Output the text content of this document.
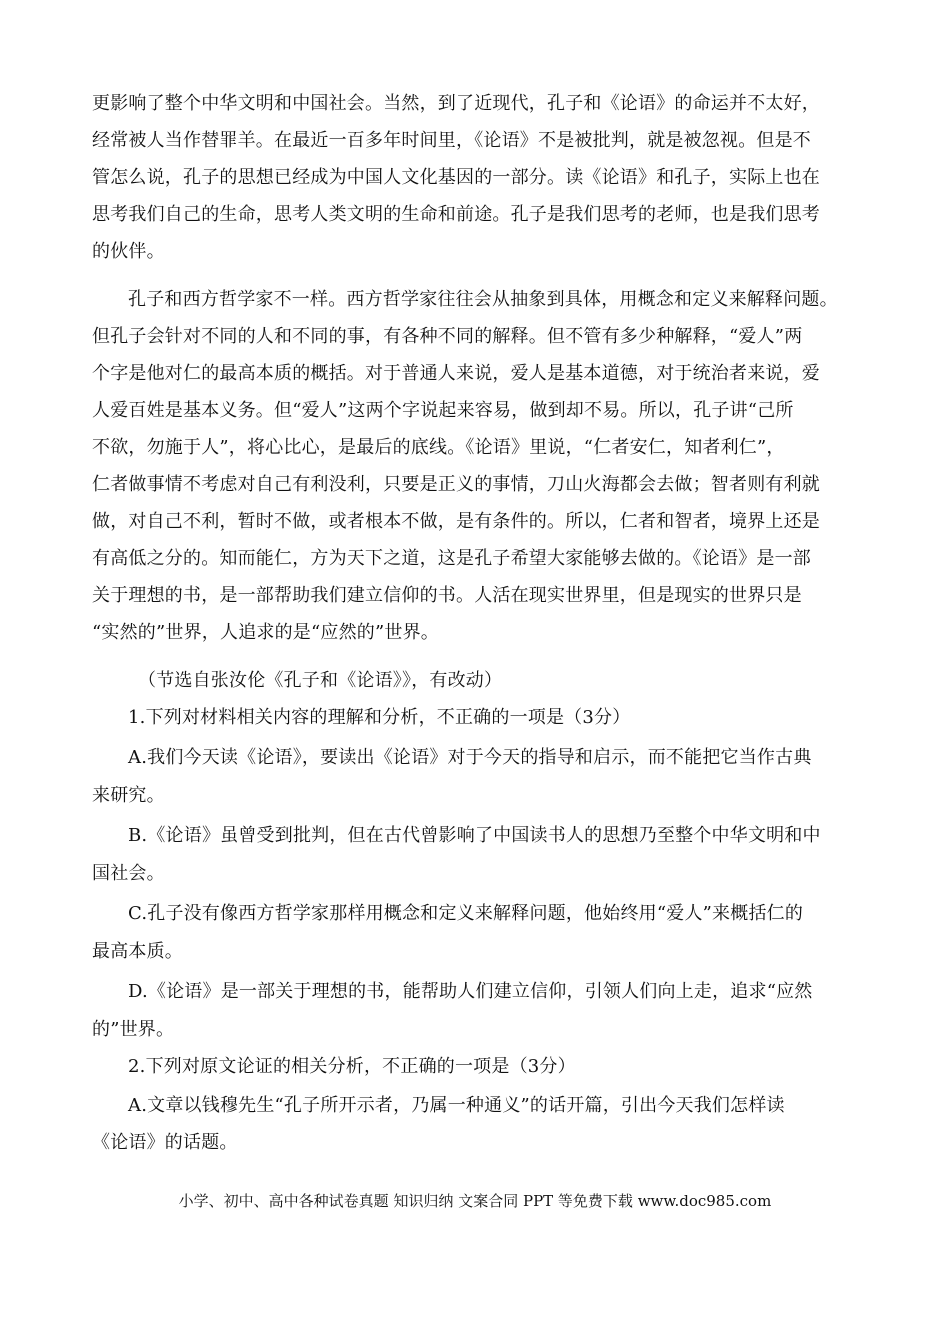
更影响了整个中华文明和中国社会。当然，到了近现代，孔子和《论语》的命运并不太好，
经常被人当作替罪羊。在最近一百多年时间里，《论语》不是被批判，就是被忽视。但是不
管怎么说，孔子的思想已经成为中国人文化基因的一部分。读《论语》和孔子，实际上也在
思考我们自己的生命，思考人类文明的生命和前途。孔子是我们思考的老师，也是我们思考
的伙伴。
孔子和西方哲学家不一样。西方哲学家往往会从抽象到具体，用概念和定义来解释问题。
但孔子会针对不同的人和不同的事，有各种不同的解释。但不管有多少种解释，“爱人”两
个字是他对仁的最高本质的概括。对于普通人来说，爱人是基本道德，对于统治者来说，爱
人爱百姓是基本义务。但“爱人”这两个字说起来容易，做到却不易。所以，孔子讲“己所
不欲，勿施于人”，将心比心，是最后的底线。《论语》里说，“仁者安仁，知者利仁”，
仁者做事情不考虑对自己有利没利，只要是正义的事情，刀山火海都会去做；智者则有利就
做，对自己不利，暂时不做，或者根本不做，是有条件的。所以，仁者和智者，境界上还是
有高低之分的。知而能仁，方为天下之道，这是孔子希望大家能够去做的。《论语》是一部
关于理想的书，是一部帮助我们建立信仰的书。人活在现实世界里，但是现实的世界只是
“实然的”世界，人追求的是“应然的”世界。
（节选自张汝伦《孔子和《论语》》，有改动）
1.下列对材料相关内容的理解和分析，不正确的一项是（3分）
A.我们今天读《论语》，要读出《论语》对于今天的指导和启示，而不能把它当作古典
来研究。
B.《论语》虽曾受到批判，但在古代曾影响了中国读书人的思想乃至整个中华文明和中
国社会。
C.孔子没有像西方哲学家那样用概念和定义来解释问题，他始终用“爱人”来概括仁的
最高本质。
D.《论语》是一部关于理想的书，能帮助人们建立信仰，引领人们向上走，追求“应然
的”世界。
2.下列对原文论证的相关分析，不正确的一项是（3分）
A.文章以钱穆先生“孔子所开示者，乃属一种通义”的话开篇，引出今天我们怎样读
《论语》的话题。
小学、初中、高中各种试卷真题 知识归纳 文案合同 PPT 等免费下载 www.doc985.com
